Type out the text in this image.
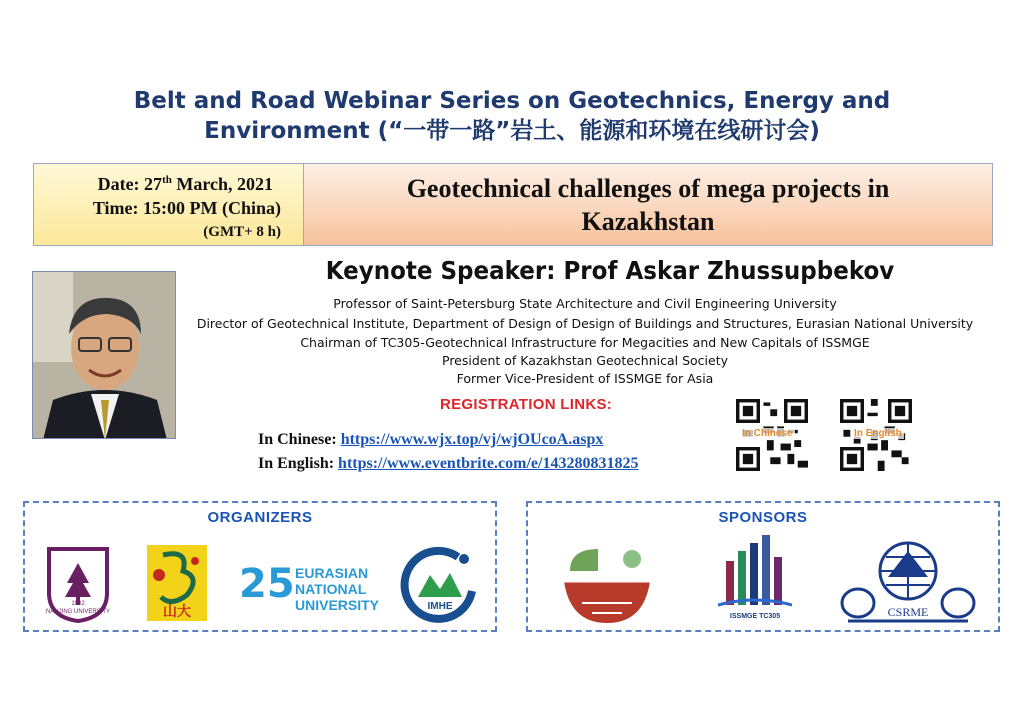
Belt and Road Webinar Series on Geotechnics, Energy and
Environment (“一带一路”岩土、能源和环境在线研讨会)
Date: 27th March, 2021
Time: 15:00 PM (China)
(GMT+ 8 h)
Geotechnical challenges of mega projects in
Kazakhstan
Keynote Speaker: Prof Askar Zhussupbekov
Professor of Saint-Petersburg State Architecture and Civil Engineering University
Director of Geotechnical Institute, Department of Design of Design of Buildings and Structures, Eurasian National University
Chairman of TC305-Geotechnical Infrastructure for Megacities and New Capitals of ISSMGE
President of Kazakhstan Geotechnical Society
Former Vice-President of ISSMGE for Asia
REGISTRATION LINKS:
In Chinese: https://www.wjx.top/vj/wjOUcoA.aspx
In English: https://www.eventbrite.com/e/143280831825
In Chinese	In English
ORGANIZERS
NANJING UNIVERSITY
1902	山大
25 EURASIAN
NATIONAL
UNIVERSITY	IMHE
SPONSORS
ISSMGE TC305	CSRME
